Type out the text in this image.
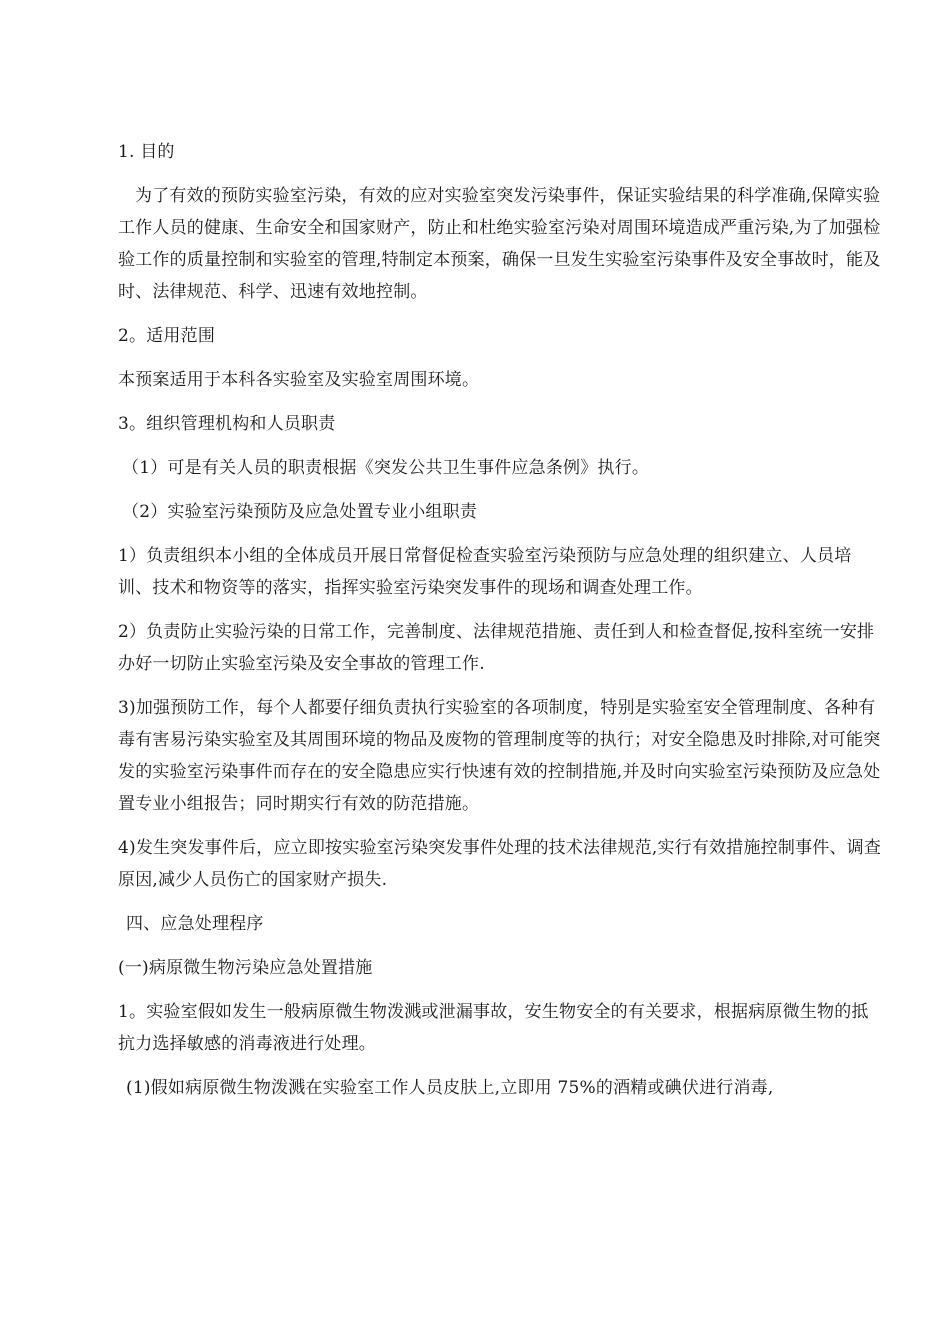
1. 目的

为了有效的预防实验室污染，有效的应对实验室突发污染事件，保证实验结果的科学准确,保障实验工作人员的健康、生命安全和国家财产，防止和杜绝实验室污染对周围环境造成严重污染,为了加强检验工作的质量控制和实验室的管理,特制定本预案，确保一旦发生实验室污染事件及安全事故时，能及时、法律规范、科学、迅速有效地控制。

2。适用范围

本预案适用于本科各实验室及实验室周围环境。

3。组织管理机构和人员职责

（1）可是有关人员的职责根据《突发公共卫生事件应急条例》执行。

（2）实验室污染预防及应急处置专业小组职责

1）负责组织本小组的全体成员开展日常督促检查实验室污染预防与应急处理的组织建立、人员培训、技术和物资等的落实，指挥实验室污染突发事件的现场和调查处理工作。

2）负责防止实验污染的日常工作，完善制度、法律规范措施、责任到人和检查督促,按科室统一安排办好一切防止实验室污染及安全事故的管理工作.

3)加强预防工作，每个人都要仔细负责执行实验室的各项制度，特别是实验室安全管理制度、各种有毒有害易污染实验室及其周围环境的物品及废物的管理制度等的执行；对安全隐患及时排除,对可能突发的实验室污染事件而存在的安全隐患应实行快速有效的控制措施,并及时向实验室污染预防及应急处置专业小组报告；同时期实行有效的防范措施。

4)发生突发事件后，应立即按实验室污染突发事件处理的技术法律规范,实行有效措施控制事件、调查原因,减少人员伤亡的国家财产损失.

四、应急处理程序

(一)病原微生物污染应急处置措施

1。实验室假如发生一般病原微生物泼溅或泄漏事故，安生物安全的有关要求，根据病原微生物的抵抗力选择敏感的消毒液进行处理。

(1)假如病原微生物泼溅在实验室工作人员皮肤上,立即用 75%的酒精或碘伏进行消毒,
